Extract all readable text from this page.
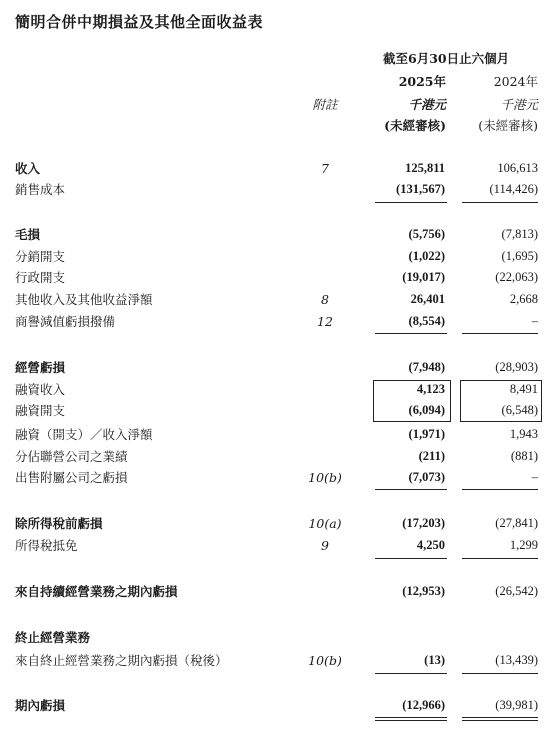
簡明合併中期損益及其他全面收益表
截至6月30日止六個月
2025年	2024年
附註	千港元	千港元
(未經審核)	(未經審核)
收入	7	125,811	106,613
銷售成本	(131,567)	(114,426)
毛損	(5,756)	(7,813)
分銷開支	(1,022)	(1,695)
行政開支	(19,017)	(22,063)
其他收入及其他收益淨額	8	26,401	2,668
商譽減值虧損撥備	12	(8,554)	–
經營虧損	(7,948)	(28,903)
融資收入	4,123	8,491
融資開支	(6,094)	(6,548)
融資（開支）／收入淨額	(1,971)	1,943
分佔聯營公司之業績	(211)	(881)
出售附屬公司之虧損	10(b)	(7,073)	–
除所得稅前虧損	10(a)	(17,203)	(27,841)
所得稅抵免	9	4,250	1,299
來自持續經營業務之期內虧損	(12,953)	(26,542)
終止經營業務
來自終止經營業務之期內虧損（稅後）	10(b)	(13)	(13,439)
期內虧損	(12,966)	(39,981)
